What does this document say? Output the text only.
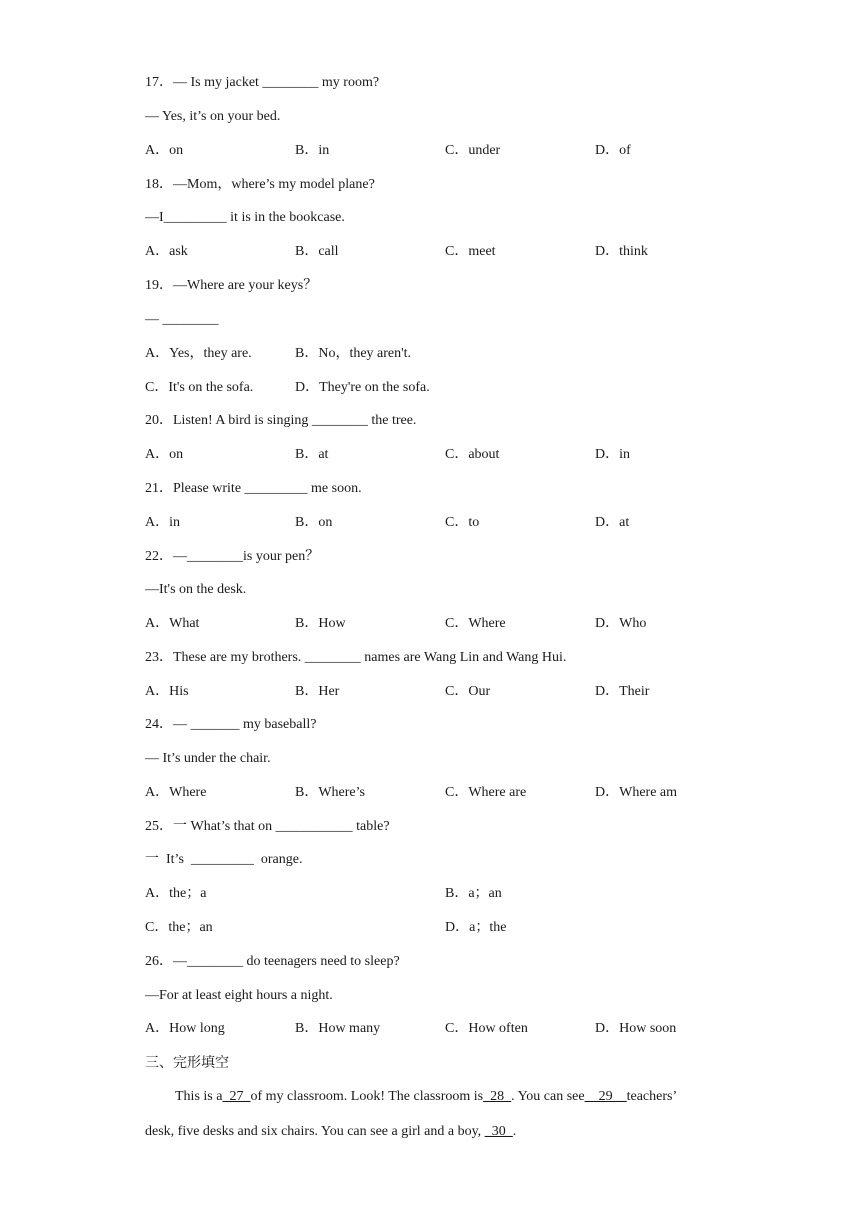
17．— Is my jacket ________ my room?
— Yes, it’s on your bed.
A．on	B．in	C．under	D．of
18．—Mom，where’s my model plane?
—I_________ it is in the bookcase.
A．ask	B．call	C．meet	D．think
19．—Where are your keys？
— ________
A．Yes，they are.	B．No，they aren't.
C．It's on the sofa.	D．They're on the sofa.
20．Listen! A bird is singing ________ the tree.
A．on	B．at	C．about	D．in
21．Please write _________ me soon.
A．in	B．on	C．to	D．at
22．—________is your pen？
—It's on the desk.
A．What	B．How	C．Where	D．Who
23．These are my brothers. ________ names are Wang Lin and Wang Hui.
A．His	B．Her	C．Our	D．Their
24．— _______ my baseball?
— It’s under the chair.
A．Where	B．Where’s	C．Where are	D．Where am
25．一 What’s that on ___________ table?
一  It’s  _________  orange.
A．the；a	B．a；an
C．the；an	D．a；the
26．—________ do teenagers need to sleep?
—For at least eight hours a night.
A．How long	B．How many	C．How often	D．How soon
三、完形填空
This is a_27_of my classroom. Look! The classroom is_28_. You can see__29__teachers’
desk, five desks and six chairs. You can see a girl and a boy, _30_.
